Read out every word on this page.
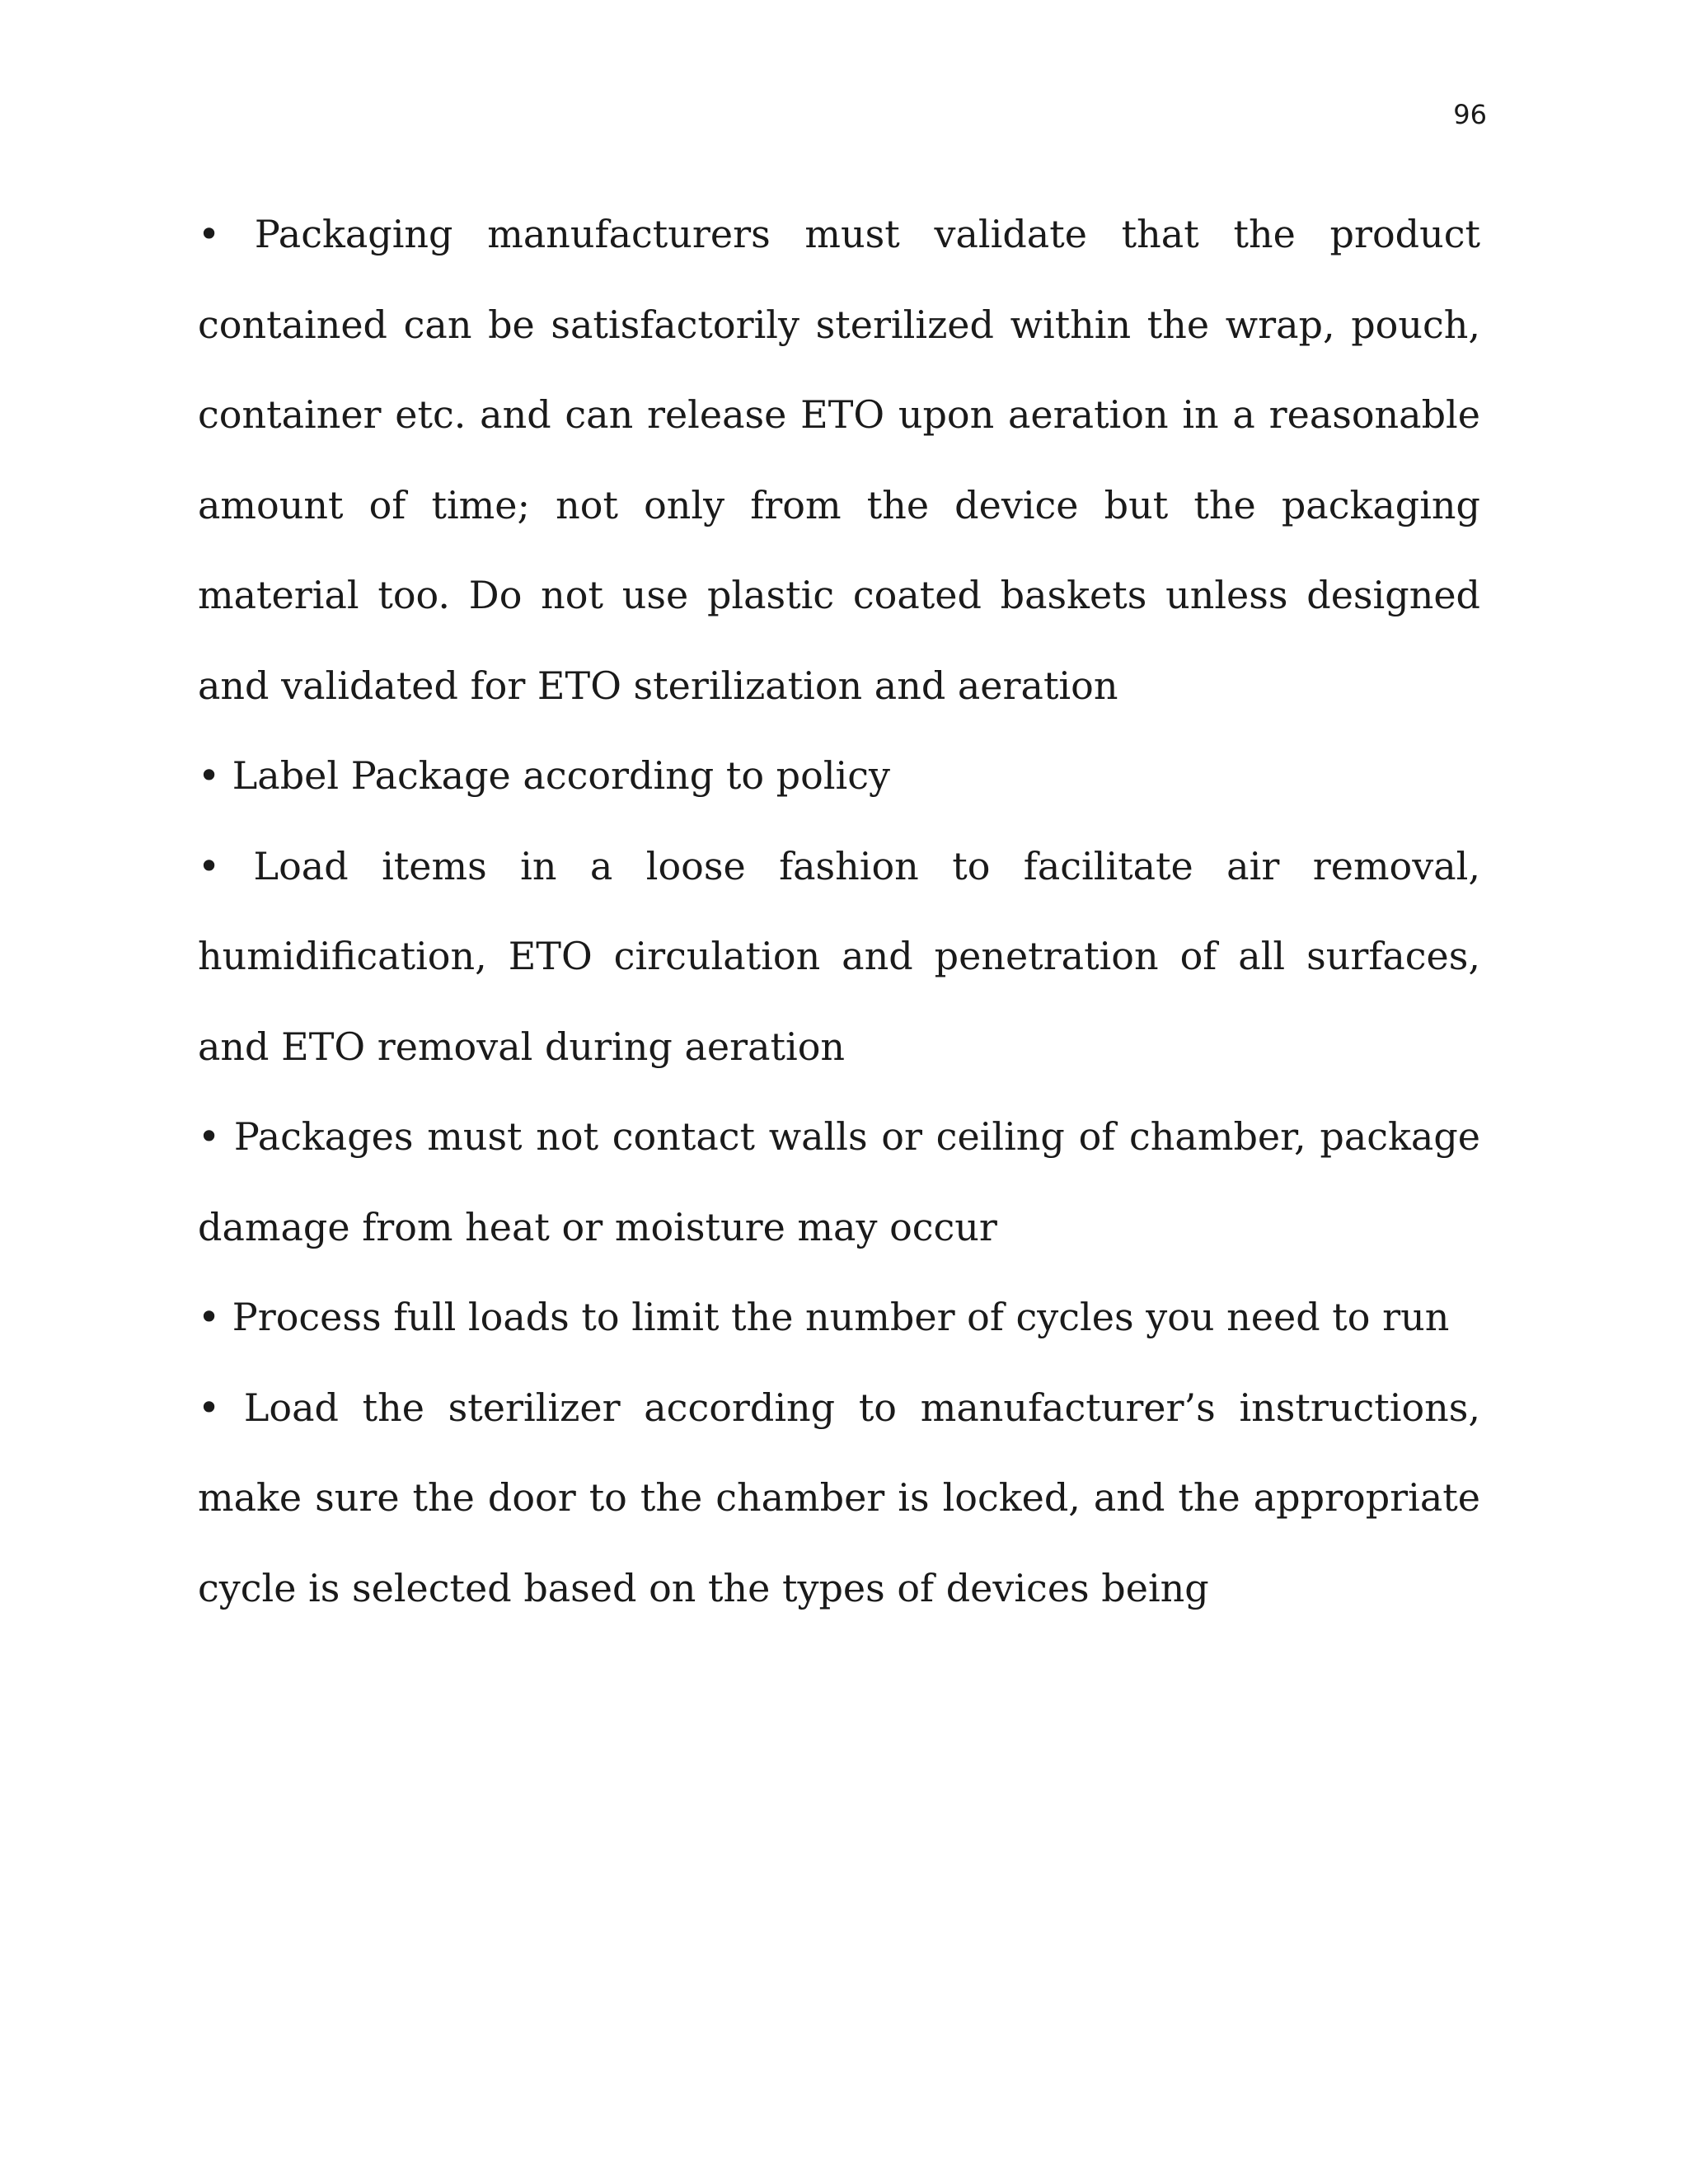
96

• Packaging manufacturers must validate that the product contained can be satisfactorily sterilized within the wrap, pouch, container etc. and can release ETO upon aeration in a reasonable amount of time; not only from the device but the packaging material too. Do not use plastic coated baskets unless designed and validated for ETO sterilization and aeration

• Label Package according to policy

• Load items in a loose fashion to facilitate air removal, humidification, ETO circulation and penetration of all surfaces, and ETO removal during aeration

• Packages must not contact walls or ceiling of chamber, package damage from heat or moisture may occur

• Process full loads to limit the number of cycles you need to run

• Load the sterilizer according to manufacturer’s instructions, make sure the door to the chamber is locked, and the appropriate cycle is selected based on the types of devices being
